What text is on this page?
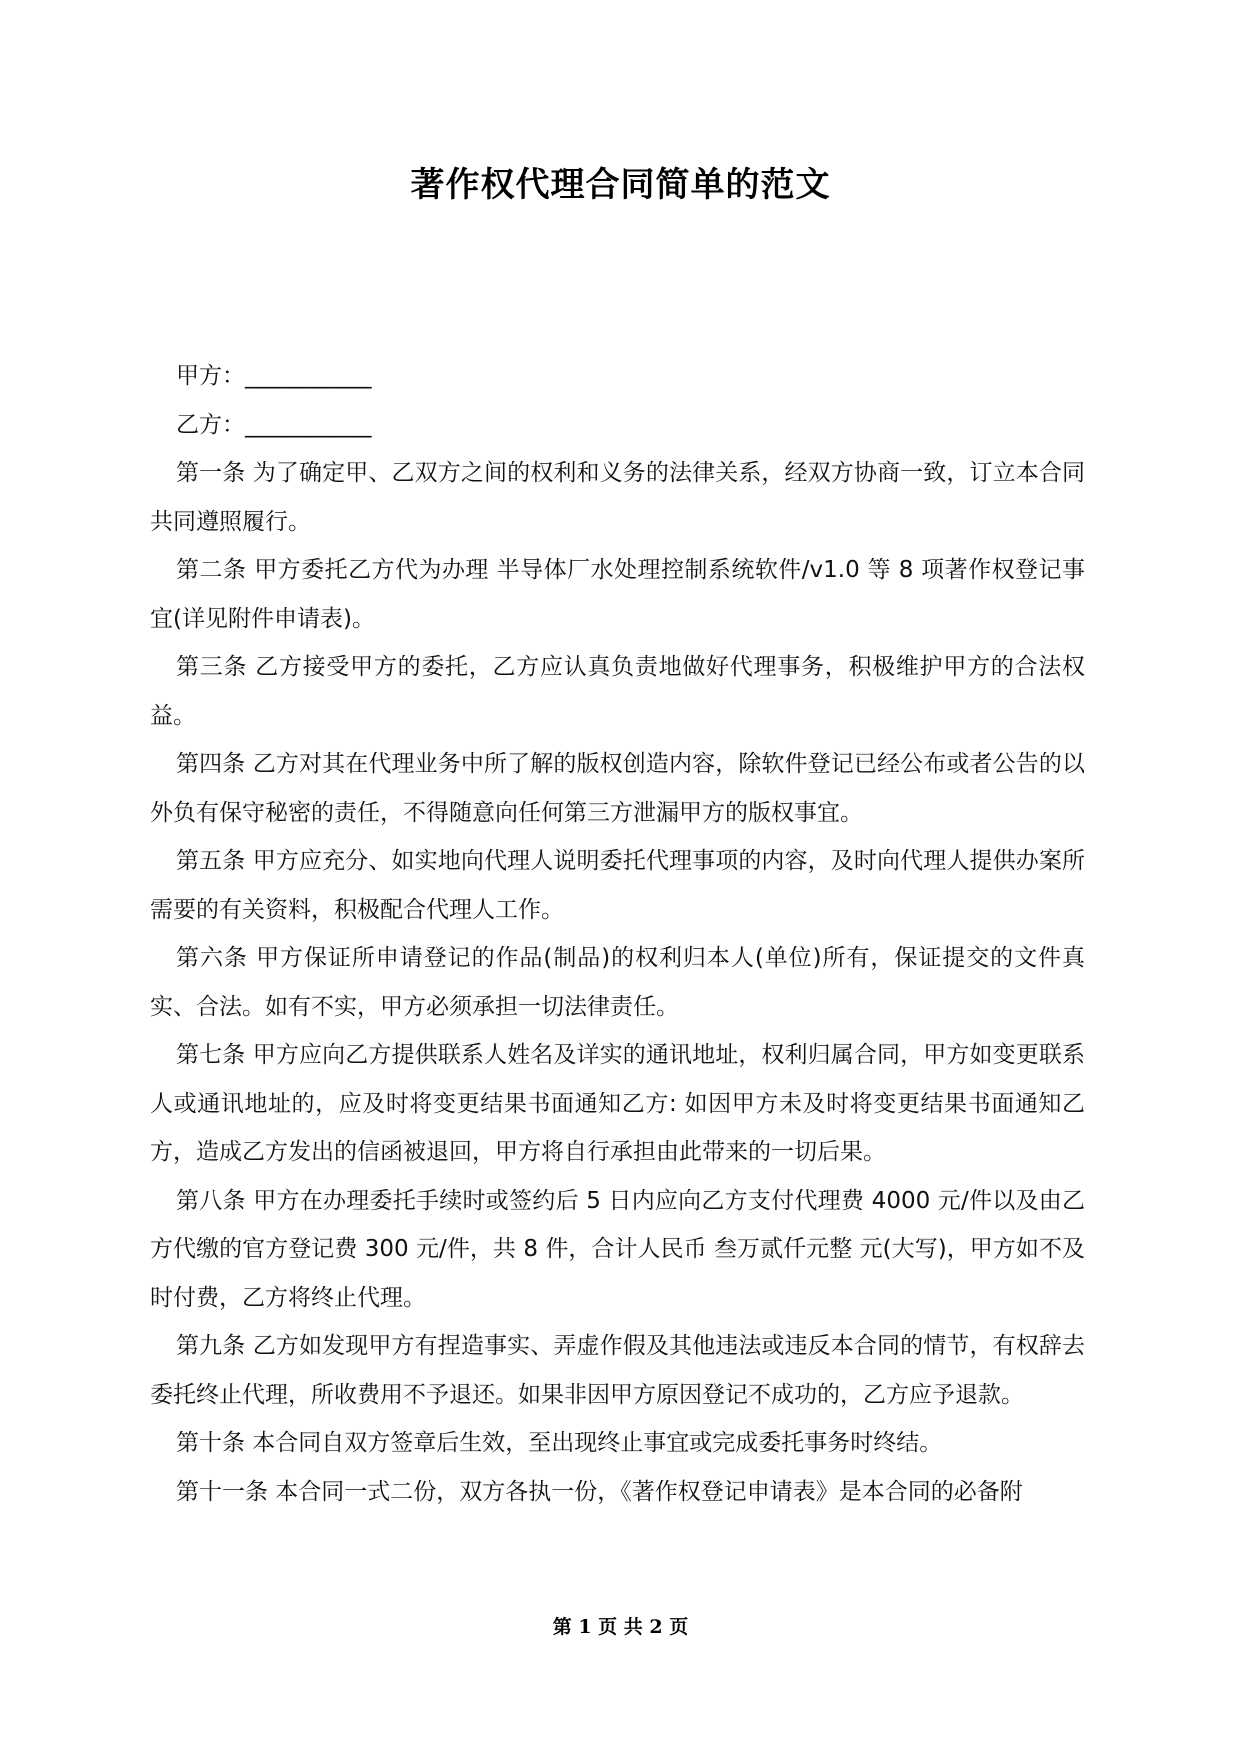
著作权代理合同简单的范文

甲方：___________

乙方：___________

第一条 为了确定甲、乙双方之间的权利和义务的法律关系，经双方协商一致，订立本合同共同遵照履行。

第二条 甲方委托乙方代为办理 半导体厂水处理控制系统软件/v1.0 等 8 项著作权登记事宜(详见附件申请表)。

第三条 乙方接受甲方的委托，乙方应认真负责地做好代理事务，积极维护甲方的合法权益。

第四条 乙方对其在代理业务中所了解的版权创造内容，除软件登记已经公布或者公告的以外负有保守秘密的责任，不得随意向任何第三方泄漏甲方的版权事宜。

第五条 甲方应充分、如实地向代理人说明委托代理事项的内容，及时向代理人提供办案所需要的有关资料，积极配合代理人工作。

第六条 甲方保证所申请登记的作品(制品)的权利归本人(单位)所有，保证提交的文件真实、合法。如有不实，甲方必须承担一切法律责任。

第七条 甲方应向乙方提供联系人姓名及详实的通讯地址，权利归属合同，甲方如变更联系人或通讯地址的，应及时将变更结果书面通知乙方: 如因甲方未及时将变更结果书面通知乙方，造成乙方发出的信函被退回，甲方将自行承担由此带来的一切后果。

第八条 甲方在办理委托手续时或签约后 5 日内应向乙方支付代理费 4000 元/件以及由乙方代缴的官方登记费 300 元/件，共 8 件，合计人民币 叁万贰仟元整 元(大写)，甲方如不及时付费，乙方将终止代理。

第九条 乙方如发现甲方有捏造事实、弄虚作假及其他违法或违反本合同的情节，有权辞去委托终止代理，所收费用不予退还。如果非因甲方原因登记不成功的，乙方应予退款。

第十条 本合同自双方签章后生效，至出现终止事宜或完成委托事务时终结。

第十一条 本合同一式二份，双方各执一份，《著作权登记申请表》是本合同的必备附

第 1 页 共 2 页
